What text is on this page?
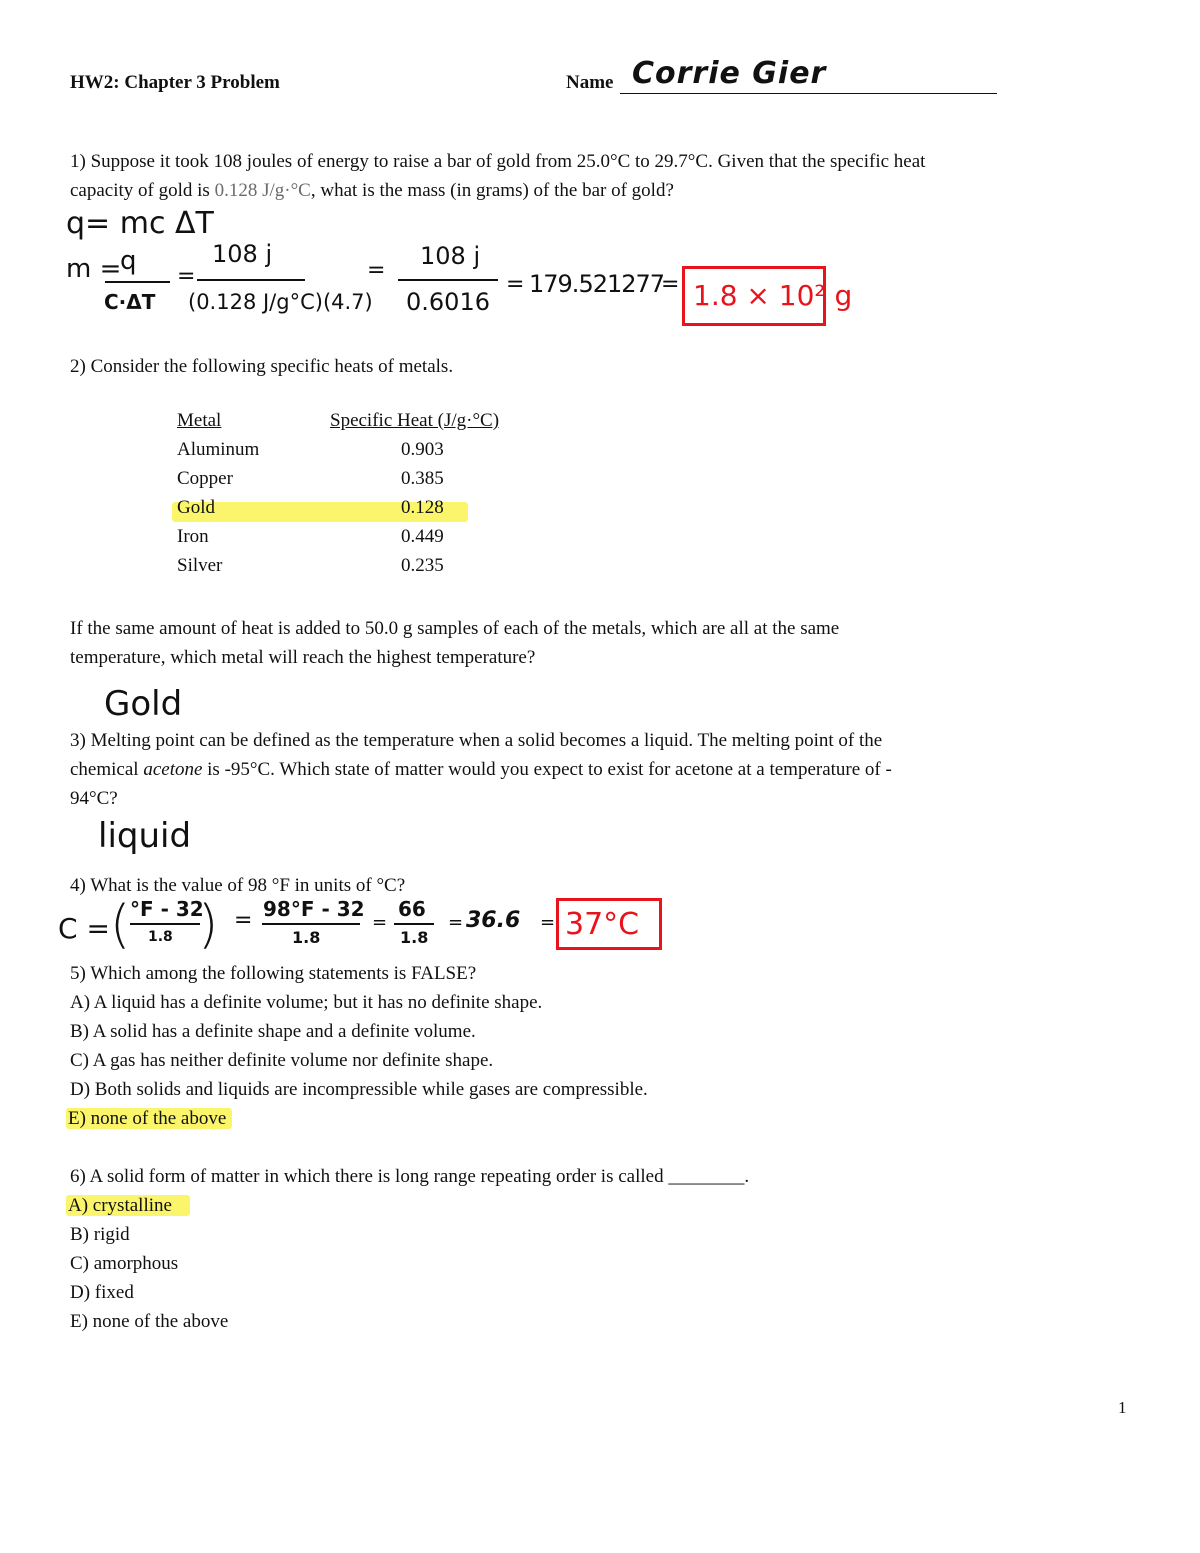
HW2: Chapter 3 Problem	Name Corrie Gier
1) Suppose it took 108 joules of energy to raise a bar of gold from 25.0°C to 29.7°C. Given that the specific heat
capacity of gold is 0.128 J/g·°C, what is the mass (in grams) of the bar of gold?
q= mc ΔT
m =
q
C·ΔT
=
108 j
(0.128 J/g°C)(4.7)
=
108 j
0.6016
= 179.521277
= 1.8 × 10² g
2) Consider the following specific heats of metals.
Metal	Specific Heat (J/g·°C)
Aluminum	0.903
Copper	0.385
Gold	0.128
Iron	0.449
Silver	0.235
If the same amount of heat is added to 50.0 g samples of each of the metals, which are all at the same
temperature, which metal will reach the highest temperature?
Gold
3) Melting point can be defined as the temperature when a solid becomes a liquid. The melting point of the
chemical acetone is -95°C. Which state of matter would you expect to exist for acetone at a temperature of -
94°C?
liquid
4) What is the value of 98 °F in units of °C?
C = ( °F - 32
1.8 ) = 98°F - 32
1.8
=
66
1.8
= 36.6 = 37°C
5) Which among the following statements is FALSE?
A) A liquid has a definite volume; but it has no definite shape.
B) A solid has a definite shape and a definite volume.
C) A gas has neither definite volume nor definite shape.
D) Both solids and liquids are incompressible while gases are compressible.
E) none of the above
6) A solid form of matter in which there is long range repeating order is called ________.
A) crystalline
B) rigid
C) amorphous
D) fixed
E) none of the above
1
